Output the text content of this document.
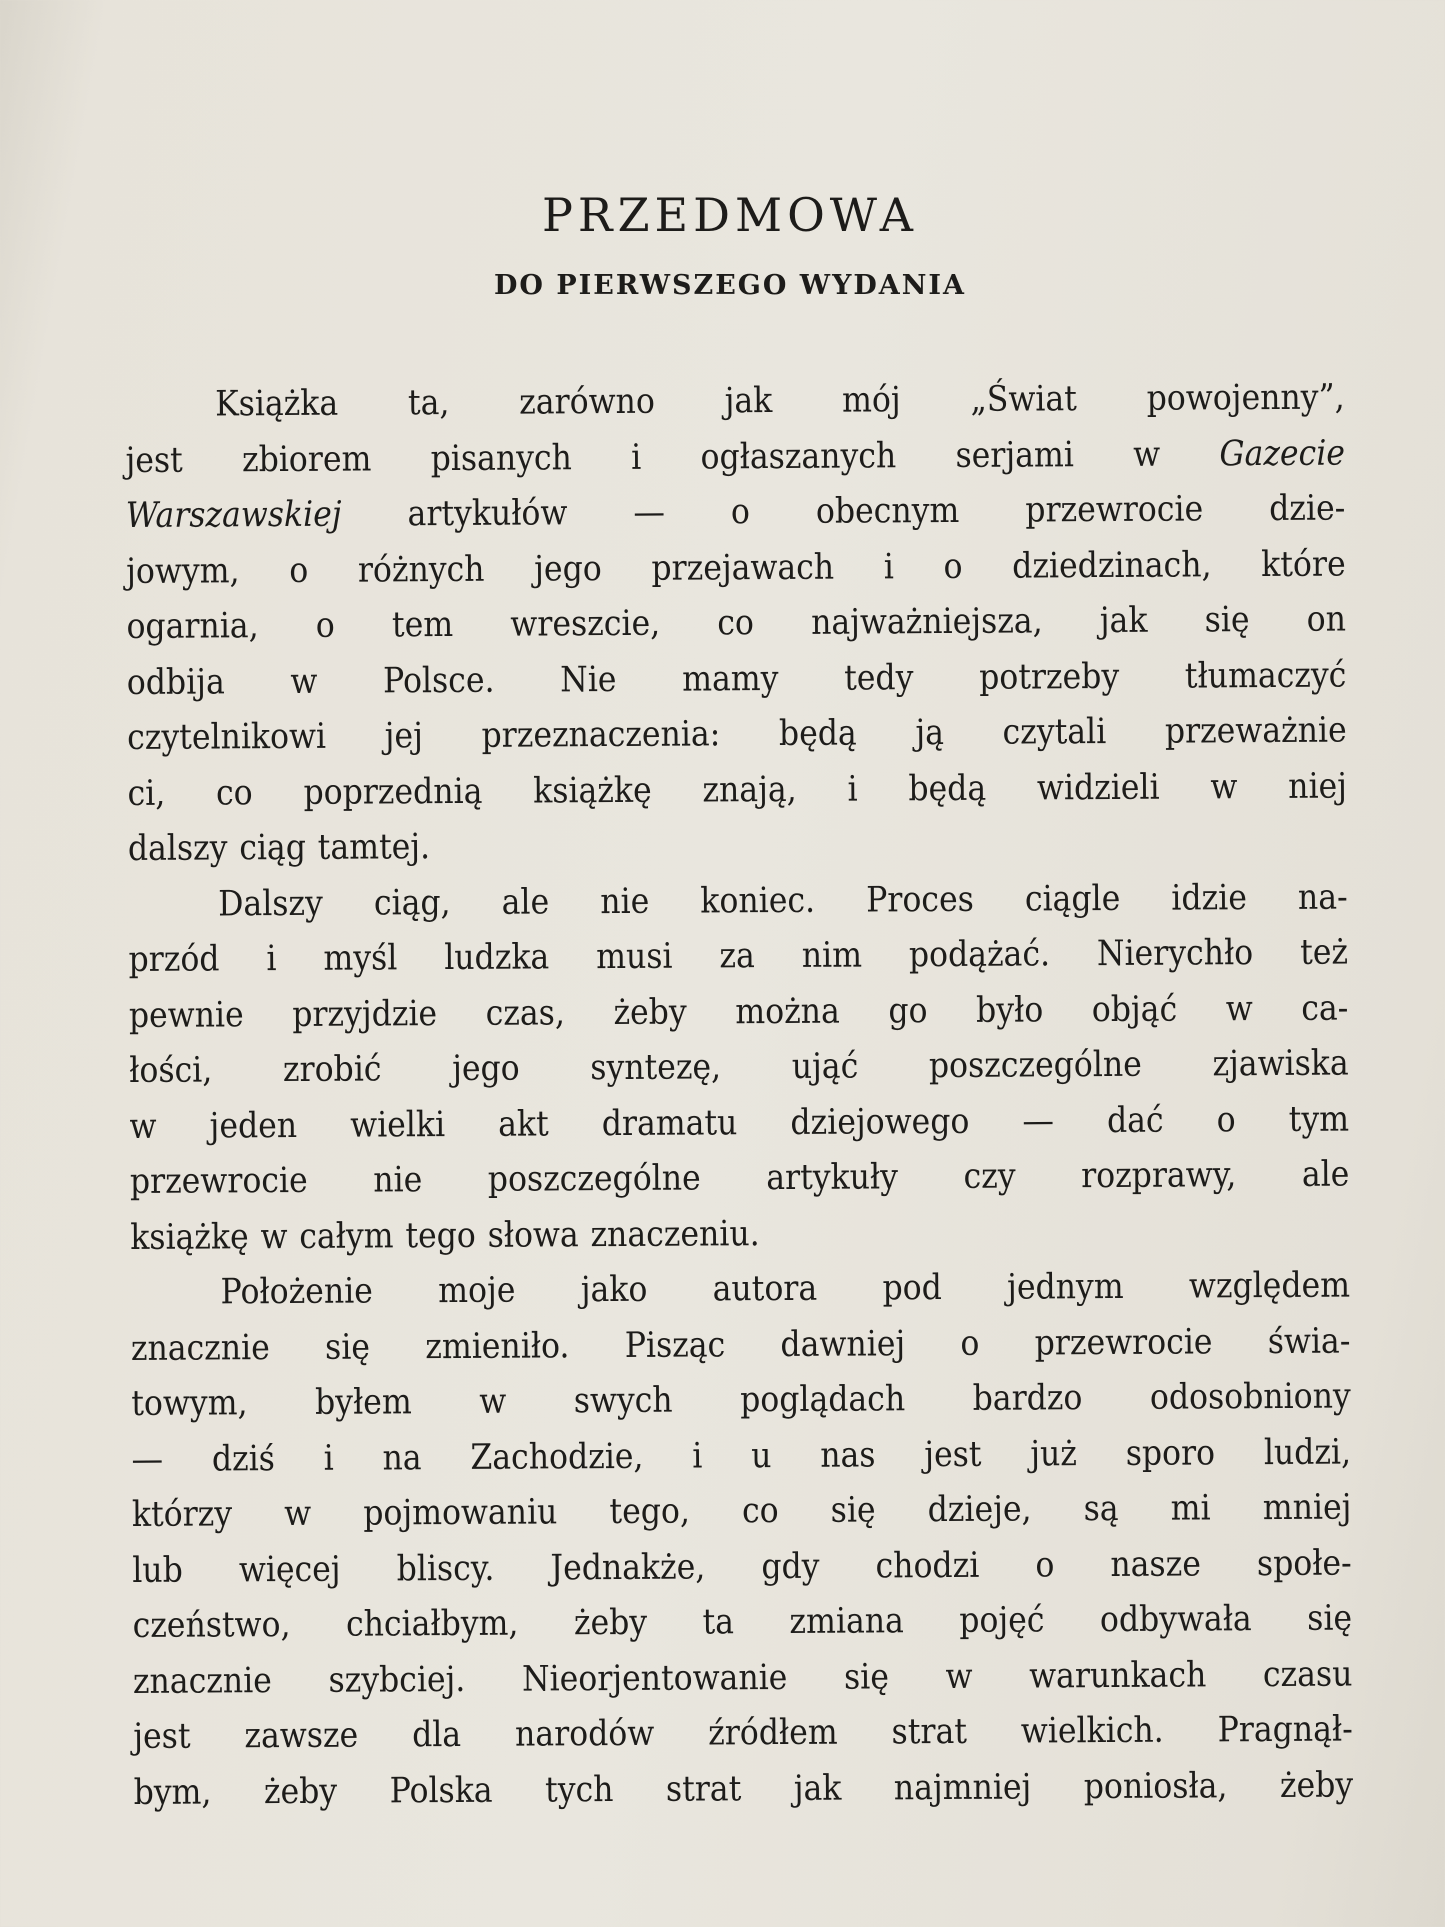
PRZEDMOWA
DO PIERWSZEGO WYDANIA
Książka ta, zarówno jak mój „Świat powojenny”,
jest zbiorem pisanych i ogłaszanych serjami w Gazecie
Warszawskiej artykułów — o obecnym przewrocie dzie-
jowym, o różnych jego przejawach i o dziedzinach, które
ogarnia, o tem wreszcie, co najważniejsza, jak się on
odbija w Polsce. Nie mamy tedy potrzeby tłumaczyć
czytelnikowi jej przeznaczenia: będą ją czytali przeważnie
ci, co poprzednią książkę znają, i będą widzieli w niej
dalszy ciąg tamtej.
Dalszy ciąg, ale nie koniec. Proces ciągle idzie na-
przód i myśl ludzka musi za nim podążać. Nierychło też
pewnie przyjdzie czas, żeby można go było objąć w ca-
łości, zrobić jego syntezę, ująć poszczególne zjawiska
w jeden wielki akt dramatu dziejowego — dać o tym
przewrocie nie poszczególne artykuły czy rozprawy, ale
książkę w całym tego słowa znaczeniu.
Położenie moje jako autora pod jednym względem
znacznie się zmieniło. Pisząc dawniej o przewrocie świa-
towym, byłem w swych poglądach bardzo odosobniony
— dziś i na Zachodzie, i u nas jest już sporo ludzi,
którzy w pojmowaniu tego, co się dzieje, są mi mniej
lub więcej bliscy. Jednakże, gdy chodzi o nasze społe-
czeństwo, chciałbym, żeby ta zmiana pojęć odbywała się
znacznie szybciej. Nieorjentowanie się w warunkach czasu
jest zawsze dla narodów źródłem strat wielkich. Pragnął-
bym, żeby Polska tych strat jak najmniej poniosła, żeby
